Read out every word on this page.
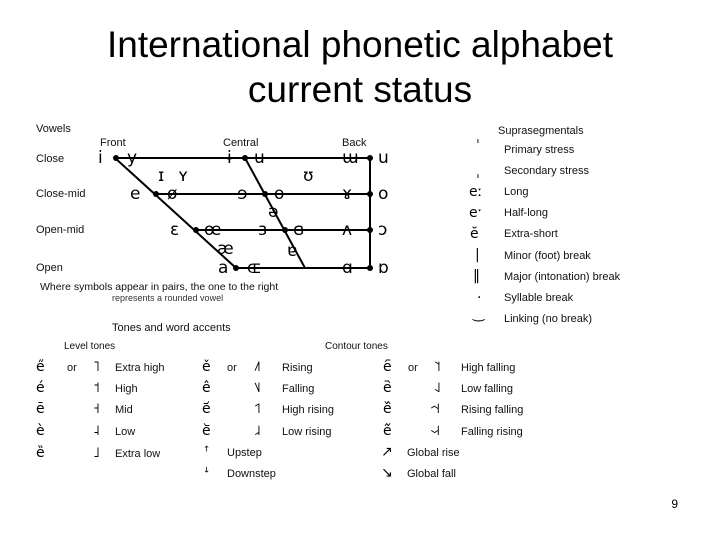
International phonetic alphabet
current status
Vowels
Front	Central	Back
Close
Close-mid
Open-mid
Open
i y	ɨ ʉ	ɯ u
ɪ ʏ	ʊ
e ø	ɘ ɵ	ɤ o
ə
ɛ œ ɜ ɞ ʌ ɔ
æ	ɐ
a ɶ	ɑ ɒ
Where symbols appear in pairs, the one to the right
represents a rounded vowel
Suprasegmentals
ˈ Primary stress
ˌ Secondary stress
eː Long
eˑ Half-long
ĕ Extra-short
| Minor (foot) break
‖ Major (intonation) break
. Syllable break
‿ Linking (no break)
Tones and word accents
Level tones	Contour tones
e̋ or ˥ Extra high
é	˦ High
ē	˧ Mid
è	˨ Low
ȅ	˩ Extra low
ě or ˩˥ Rising
ê	˥˩ Falling
e᷄	˦˥ High rising
e᷅	˩˨ Low rising
ꜛ Upstep
ꜜ Downstep
e᷇ or ˥˦ High falling
e᷆	˨˩ Low falling
e᷈	˧˦˧ Rising falling
e᷉	˧˨˧ Falling rising
↗ Global rise
↘ Global fall
9
